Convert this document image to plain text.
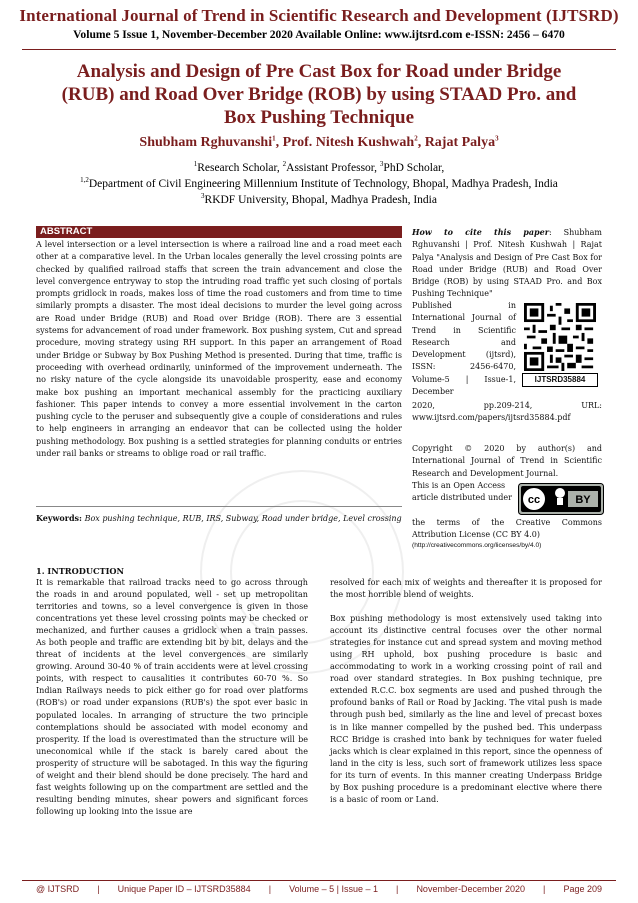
International Journal of Trend in Scientific Research and Development (IJTSRD)
Volume 5 Issue 1, November-December 2020 Available Online: www.ijtsrd.com e-ISSN: 2456 – 6470
Analysis and Design of Pre Cast Box for Road under Bridge (RUB) and Road Over Bridge (ROB) by using STAAD Pro. and Box Pushing Technique
Shubham Rghuvanshi$^1$, Prof. Nitesh Kushwah$^2$, Rajat Palya$^3$
$^1$Research Scholar, $^2$Assistant Professor, $^3$PhD Scholar,
$^{1,2}$Department of Civil Engineering Millennium Institute of Technology, Bhopal, Madhya Pradesh, India
$^3$RKDF University, Bhopal, Madhya Pradesh, India
ABSTRACT
A level intersection or a level intersection is where a railroad line and a road meet each other at a comparative level. In the Urban locales generally the level crossing points are checked by qualified railroad staffs that screen the train advancement and close the level convergence entryway to stop the intruding road traffic yet such closing of portals prompts gridlock in roads, makes loss of time the road customers and from time to time similarly prompts a disaster. The most ideal decisions to murder the level going across are Road under Bridge (RUB) and Road over Bridge (ROB). There are 3 essential systems for advancement of road under framework. Box pushing system, Cut and spread procedure, moving strategy using RH support. In this paper an arrangement of Road under Bridge or Subway by Box Pushing Method is presented. During that time, traffic is proceeding with overhead ordinarily, uninformed of the improvement underneath. The no risky nature of the cycle alongside its unavoidable prosperity, ease and economy make box pushing an important mechanical assembly for the practicing auxiliary fashioner. This paper intends to convey a more essential involvement in the carton pushing cycle to the peruser and subsequently give a couple of considerations and rules to help engineers in arranging an endeavor that can be collected using the holder pushing methodology. Box pushing is a settled strategies for planning conduits or entries under rail banks or streams to oblige road or rail traffic.
Keywords: Box pushing technique, RUB, IRS, Subway, Road under bridge, Level crossing
How to cite this paper: Shubham Rghuvanshi | Prof. Nitesh Kushwah | Rajat Palya "Analysis and Design of Pre Cast Box for Road under Bridge (RUB) and Road Over Bridge (ROB) by using STAAD Pro. and Box Pushing Technique"
Published in International Journal of Trend in Scientific Research and Development (ijtsrd), ISSN: 2456-6470, Volume-5 | Issue-1, December
IJTSRD35884
2020, pp.209-214, URL: www.ijtsrd.com/papers/ijtsrd35884.pdf
Copyright © 2020 by author(s) and International Journal of Trend in Scientific Research and Development Journal.
This is an Open Access article distributed under cc	BY
the terms of the Creative Commons Attribution License (CC BY 4.0)
(http://creativecommons.org/licenses/by/4.0)
1. INTRODUCTION

It is remarkable that railroad tracks need to go across through the roads in and around populated, well - set up metropolitan territories and towns, so a level convergence is given in those concentrations yet these level crossing points may be checked or mechanized, and further causes a gridlock when a train passes. As both people and traffic are extending bit by bit, delays and the threat of incidents at the level convergences are similarly growing. Around 30-40 % of train accidents were at level crossing points, with respect to causalities it contributes 60-70 %. So Indian Railways needs to pick either go for road over platforms (ROB's) or road under expansions (RUB's) the spot ever basic in populated locales. In arranging of structure the two principle contemplations should be associated with model economy and prosperity. If the load is overestimated than the structure will be uneconomical while if the stack is barely cared about the prosperity of structure will be sabotaged. In this way the figuring of weight and their blend should be done precisely. The hard and fast weights following up on the compartment are settled and the resulting bending minutes, shear powers and significant forces following up looking into the issue are

resolved for each mix of weights and thereafter it is proposed for the most horrible blend of weights.

Box pushing methodology is most extensively used taking into account its distinctive central focuses over the other normal strategies for instance cut and spread system and moving method using RH uphold, box pushing procedure is basic and accommodating to work in a working crossing point of rail and road over standard strategies. In Box pushing technique, pre extended R.C.C. box segments are used and pushed through the profound banks of Rail or Road by Jacking. The vital push is made through push bed, similarly as the line and level of precast boxes is in like manner compelled by the pushed bed. This underpass RCC Bridge is crashed into bank by techniques for water fueled jacks which is clear explained in this report, since the openness of land in the city is less, such sort of framework utilizes less space for its turn of events. In this manner creating Underpass Bridge by Box pushing procedure is a predominant elective where there is a basic of room or Land.

@ IJTSRD | Unique Paper ID – IJTSRD35884 | Volume – 5 | Issue – 1 | November-December 2020 | Page 209
